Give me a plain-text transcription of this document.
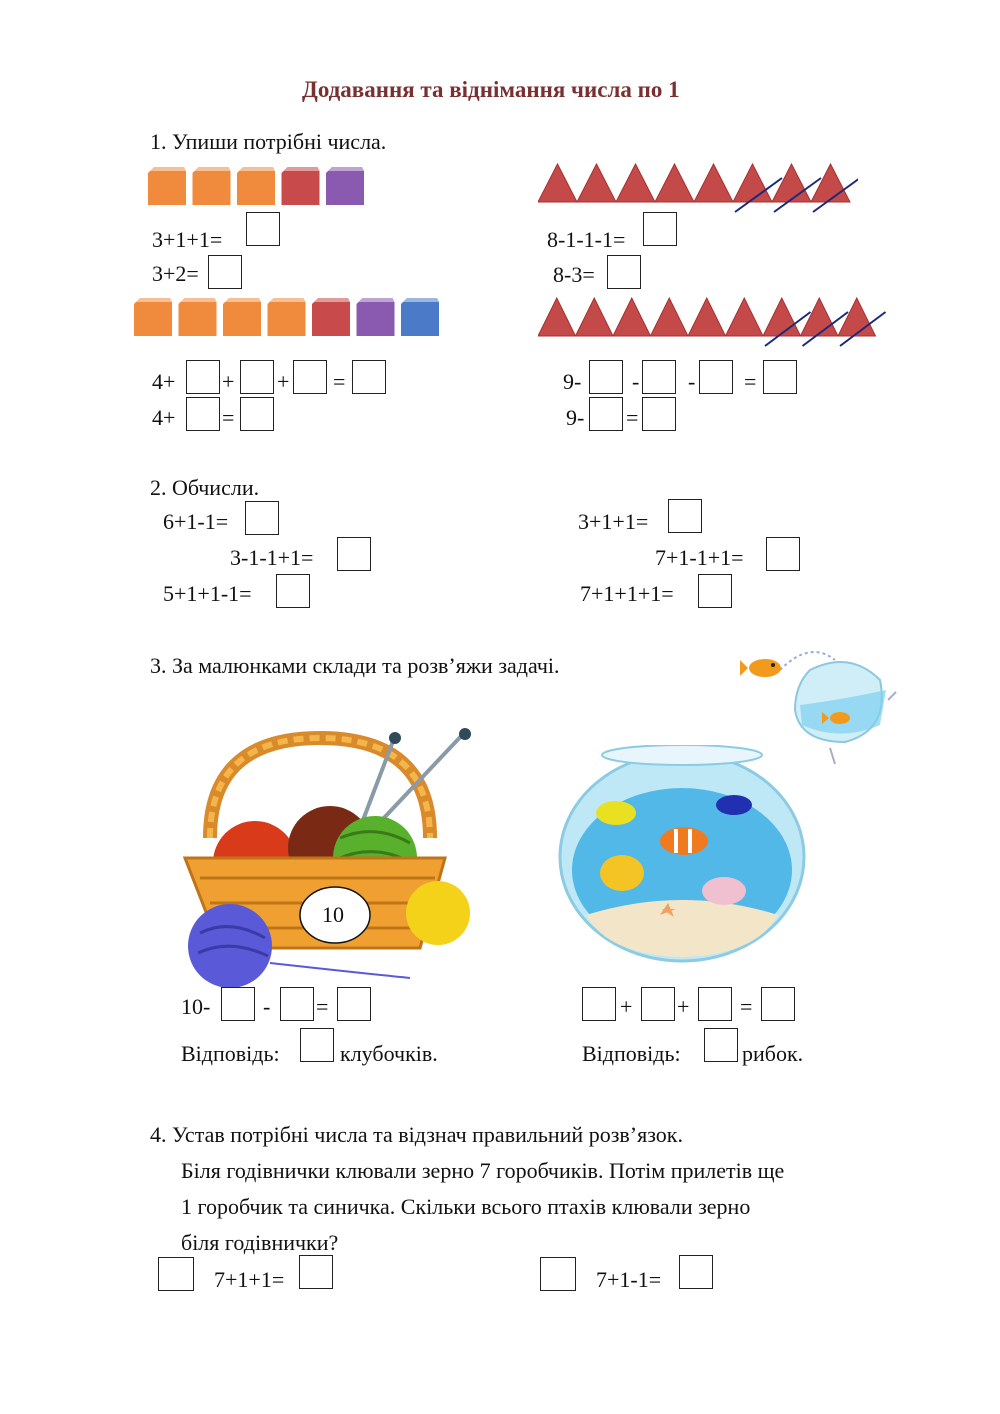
Додавання та віднімання числа по 1
1. Упиши потрібні числа.
3+1+1=
3+2=
8-1-1-1=
8-3=
4+ + + =
4+ =
9- - - =
9- =
2. Обчисли.
6+1-1=
3-1-1+1=
5+1+1-1=
3+1+1=
7+1-1+1=
7+1+1+1=
3. За малюнками склади та розв’яжи задачі.
10
10- - =
Відповідь:	клубочків.
+ + =
Відповідь:	рибок.
4. Устав потрібні числа та відзнач правильний розв’язок.
Біля годівнички клювали зерно 7 горобчиків. Потім прилетів ще
1 горобчик та синичка. Скільки всього птахів клювали зерно
біля годівнички?
7+1+1=	7+1-1=
